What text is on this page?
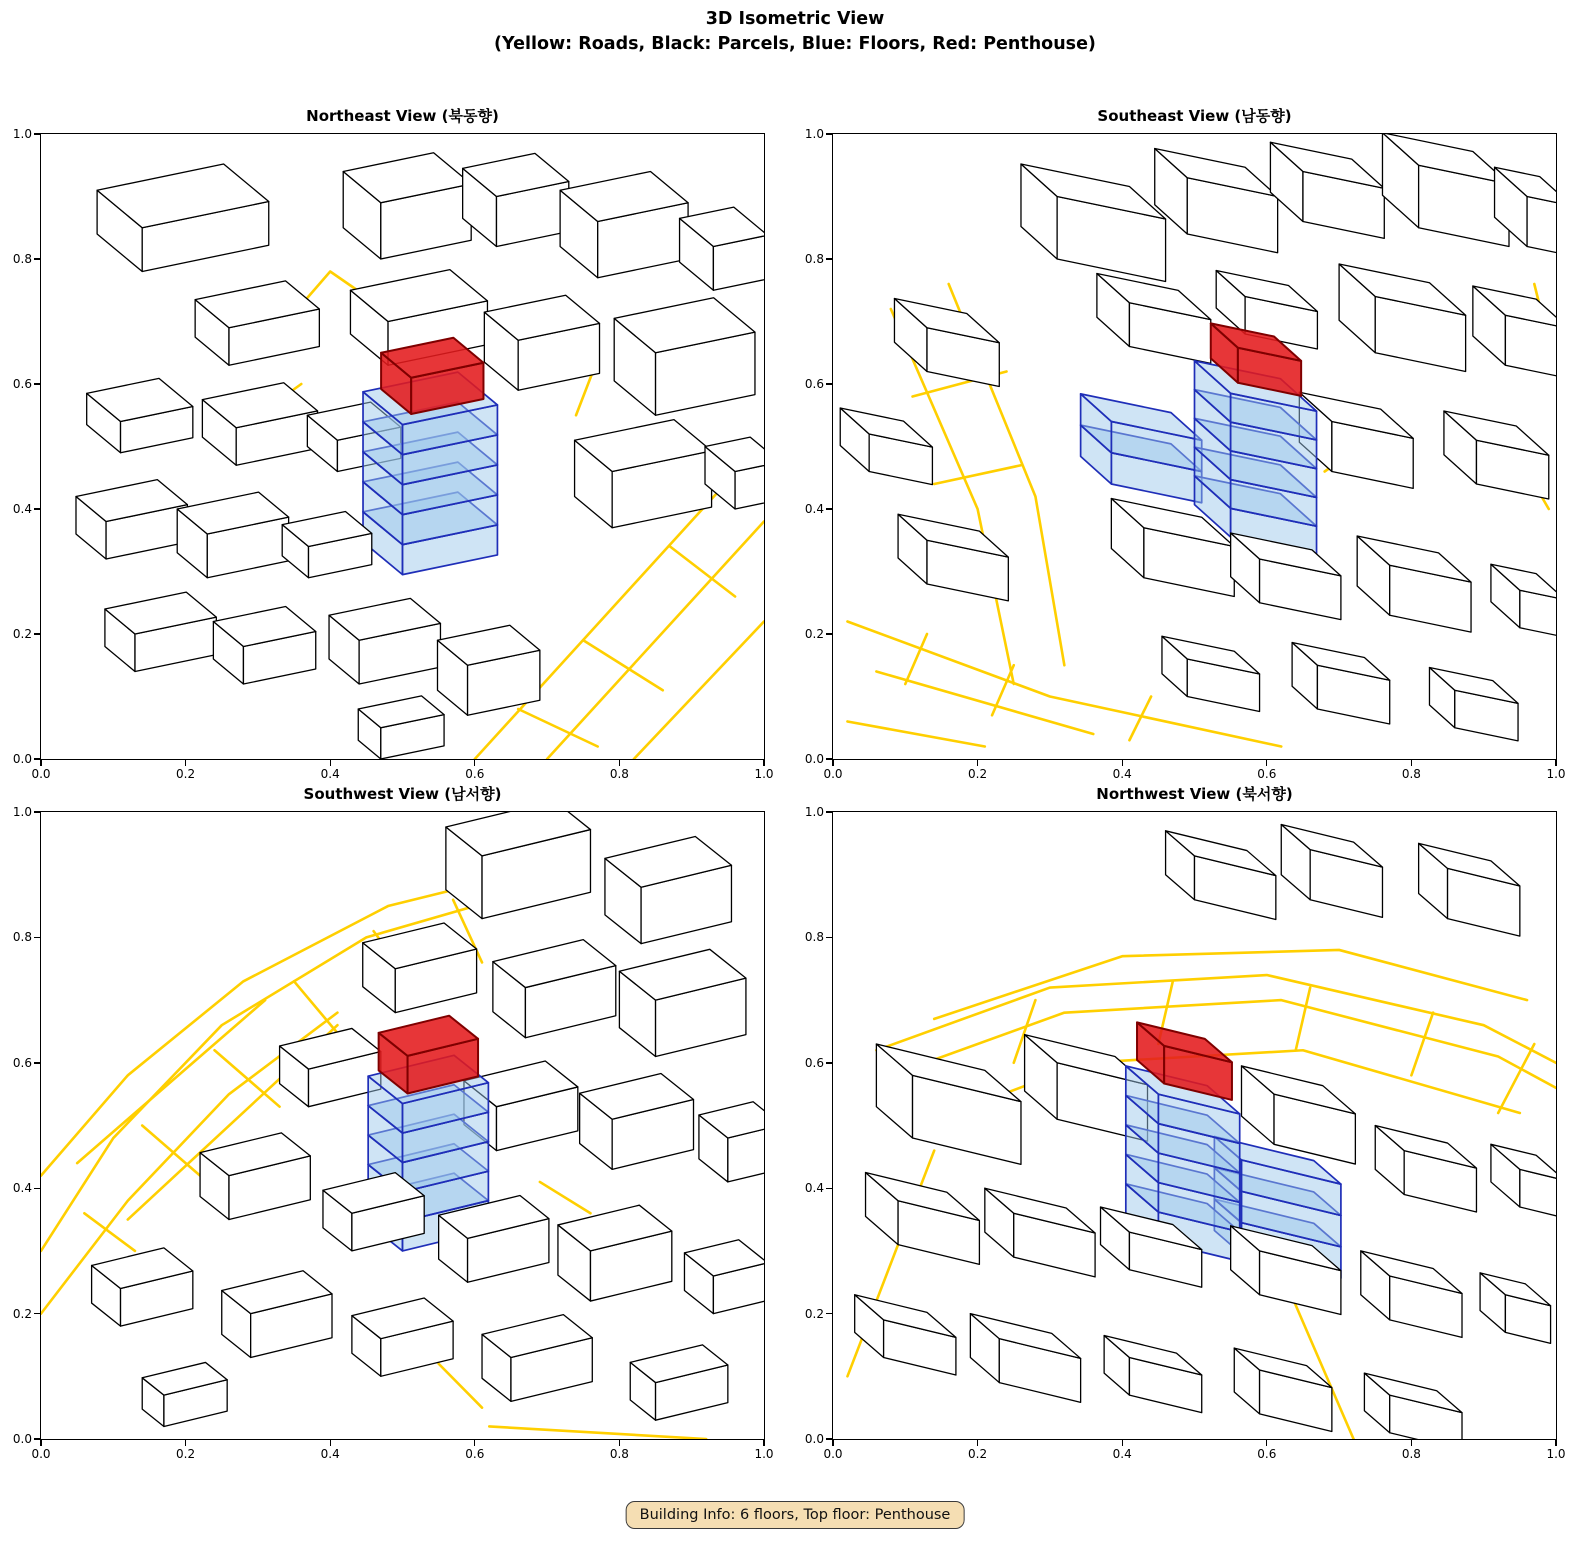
3D Isometric View
(Yellow: Roads, Black: Parcels, Blue: Floors, Red: Penthouse)
Northeast View (북동향)
0.0
0.0
0.2
0.2
0.4
0.4
0.6
0.6
0.8
0.8
1.0
1.0
Southeast View (남동향)
0.0
0.0
0.2
0.2
0.4
0.4
0.6
0.6
0.8
0.8
1.0
1.0
Southwest View (남서향)
0.0
0.0
0.2
0.2
0.4
0.4
0.6
0.6
0.8
0.8
1.0
1.0
Northwest View (북서향)
0.0
0.0
0.2
0.2
0.4
0.4
0.6
0.6
0.8
0.8
1.0
1.0
Building Info: 6 floors, Top floor: Penthouse
